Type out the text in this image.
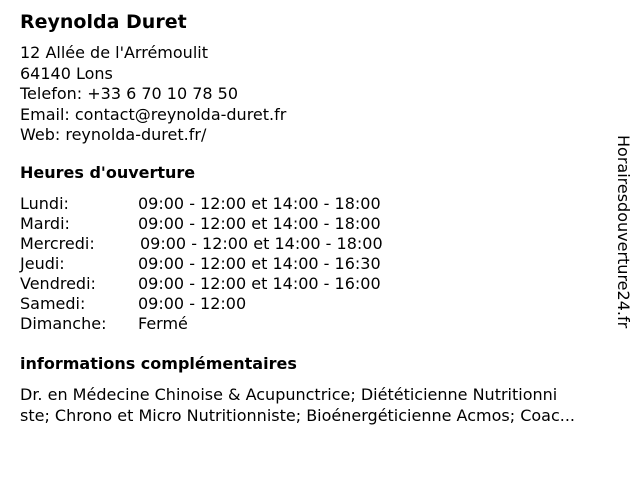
Reynolda Duret
12 Allée de l'Arrémoulit
64140 Lons
Telefon: +33 6 70 10 78 50
Email: contact@reynolda-duret.fr
Web: reynolda-duret.fr/
Heures d'ouverture
Lundi:	09:00 - 12:00 et 14:00 - 18:00
Mardi:	09:00 - 12:00 et 14:00 - 18:00
Mercredi:	09:00 - 12:00 et 14:00 - 18:00
Jeudi:	09:00 - 12:00 et 14:00 - 16:30
Vendredi:	09:00 - 12:00 et 14:00 - 16:00
Samedi:	09:00 - 12:00
Dimanche: Fermé
informations complémentaires
Dr. en Médecine Chinoise & Acupunctrice; Diététicienne Nutritionni
ste; Chrono et Micro Nutritionniste; Bioénergéticienne Acmos; Coac...
Horairesdouverture24.fr
